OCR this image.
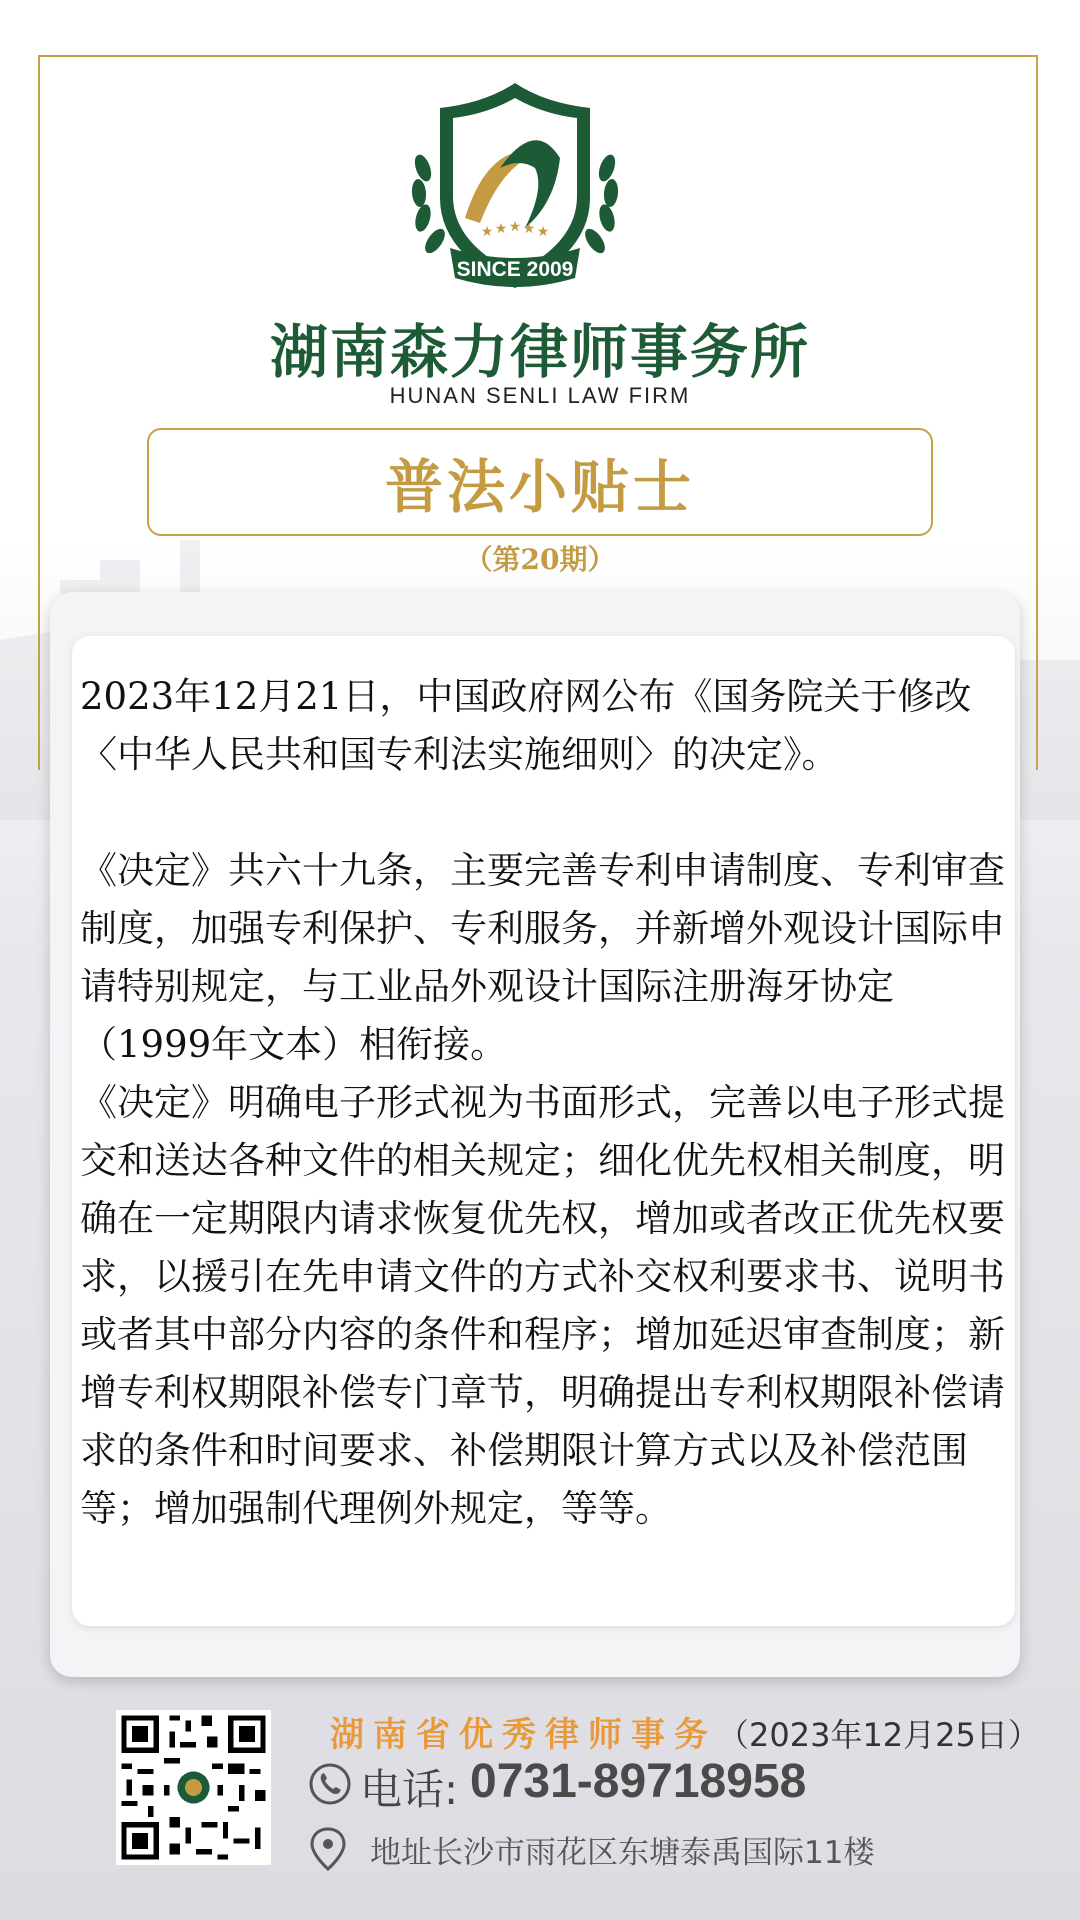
★ ★ ★ ★ ★
SINCE 2009
湖南森力律师事务所
HUNAN SENLI LAW FIRM
普法小贴士
（第20期）

2023年12月21日，中国政府网公布《国务院关于修改〈中华人民共和国专利法实施细则〉的决定》。

《决定》共六十九条，主要完善专利申请制度、专利审查制度，加强专利保护、专利服务，并新增外观设计国际申请特别规定，与工业品外观设计国际注册海牙协定（1999年文本）相衔接。

《决定》明确电子形式视为书面形式，完善以电子形式提交和送达各种文件的相关规定；细化优先权相关制度，明确在一定期限内请求恢复优先权，增加或者改正优先权要求，以援引在先申请文件的方式补交权利要求书、说明书或者其中部分内容的条件和程序；增加延迟审查制度；新增专利权期限补偿专门章节，明确提出专利权期限补偿请求的条件和时间要求、补偿期限计算方式以及补偿范围等；增加强制代理例外规定，等等。

湖南省优秀律师事务（2023年12月25日）
电话: 0731-89718958
地址长沙市雨花区东塘泰禹国际11楼
